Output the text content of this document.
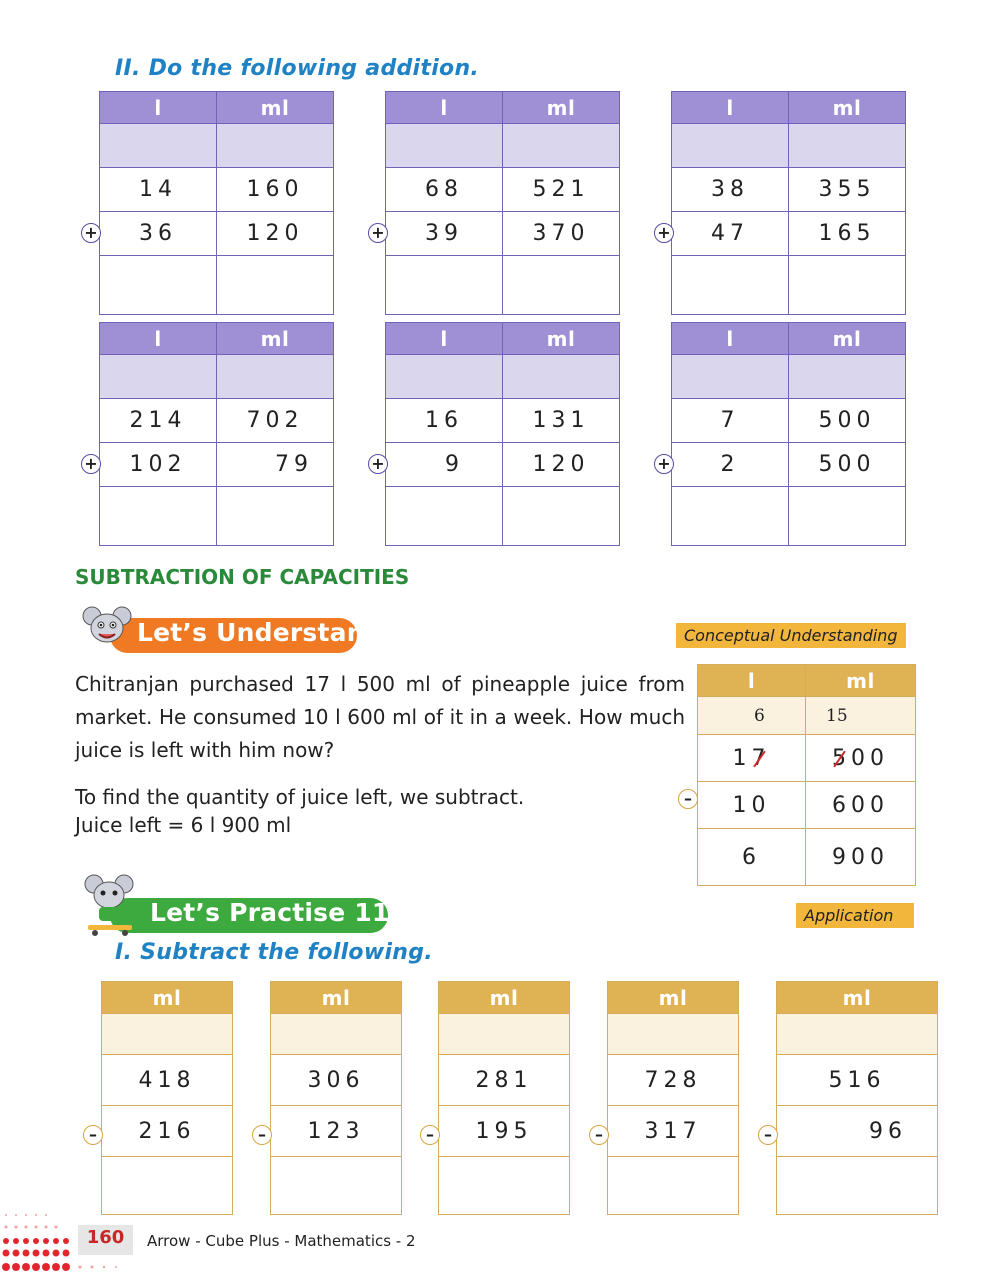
II. Do the following addition.
l	ml

14	160
36	120

+
l	ml

68	521
39	370

+
l	ml

38	355
47	165

+
l	ml

214	702
102	79

+
l	ml

16	131
9	120

+
l	ml

7	500
2	500

+
SUBTRACTION OF CAPACITIES
Let’s Understand	Conceptual Understanding
Chitranjan purchased 17 l 500 ml of pineapple juice from market. He consumed 10 l 600 ml of it in a week. How much juice is left with him now?
To find the quantity of juice left, we subtract.
Juice left = 6 l 900 ml
l	ml
6	15
17	500
10	600
6	900
–
Let’s Practise 11.3	Application
I. Subtract the following.
ml

418
216

–
ml

306
123

–
ml

281
195

–
ml

728
317

–
ml

516
96

–
160	Arrow - Cube Plus - Mathematics - 2
